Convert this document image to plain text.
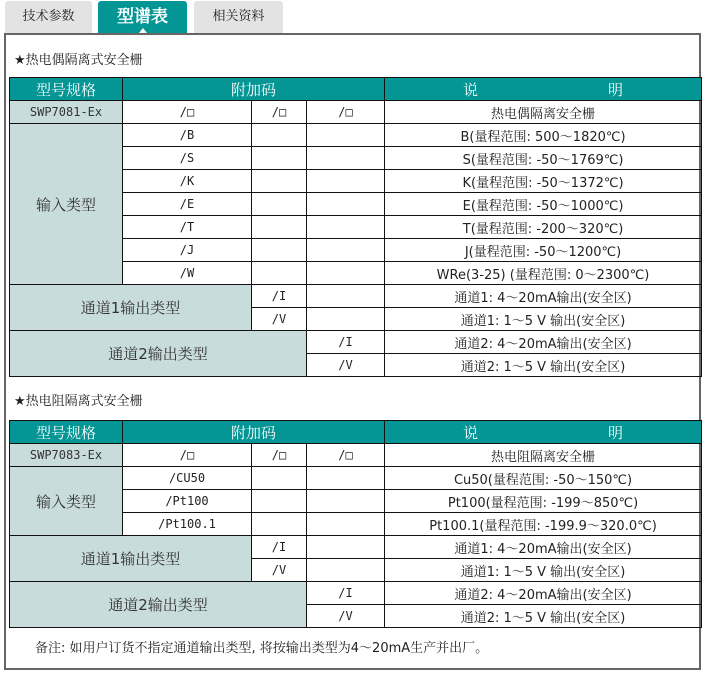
技术参数	型谱表	相关资料
★热电偶隔离式安全栅
型号规格	附加码			说 明
SWP7081-Ex	/□	/□	/□	热电偶隔离安全栅
输入类型	/B			B(量程范围: 500～1820℃)
	/S			S(量程范围: -50～1769℃)
	/K			K(量程范围: -50～1372℃)
	/E			E(量程范围: -50～1000℃)
	/T			T(量程范围: -200～320℃)
	/J			J(量程范围: -50～1200℃)
	/W			WRe(3-25) (量程范围: 0～2300℃)
通道1输出类型		/I		通道1: 4～20mA输出(安全区)
		/V		通道1: 1～5 V 输出(安全区)
通道2输出类型			/I	通道2: 4～20mA输出(安全区)
			/V	通道2: 1～5 V 输出(安全区)
★热电阻隔离式安全栅
型号规格	附加码			说 明
SWP7083-Ex	/□	/□	/□	热电阻隔离安全栅
输入类型	/CU50			Cu50(量程范围: -50～150℃)
	/Pt100			Pt100(量程范围: -199～850℃)
	/Pt100.1			Pt100.1(量程范围: -199.9～320.0℃)
通道1输出类型		/I		通道1: 4～20mA输出(安全区)
		/V		通道1: 1～5 V 输出(安全区)
通道2输出类型			/I	通道2: 4～20mA输出(安全区)
			/V	通道2: 1～5 V 输出(安全区)
备注: 如用户订货不指定通道输出类型, 将按输出类型为4～20mA生产并出厂。
